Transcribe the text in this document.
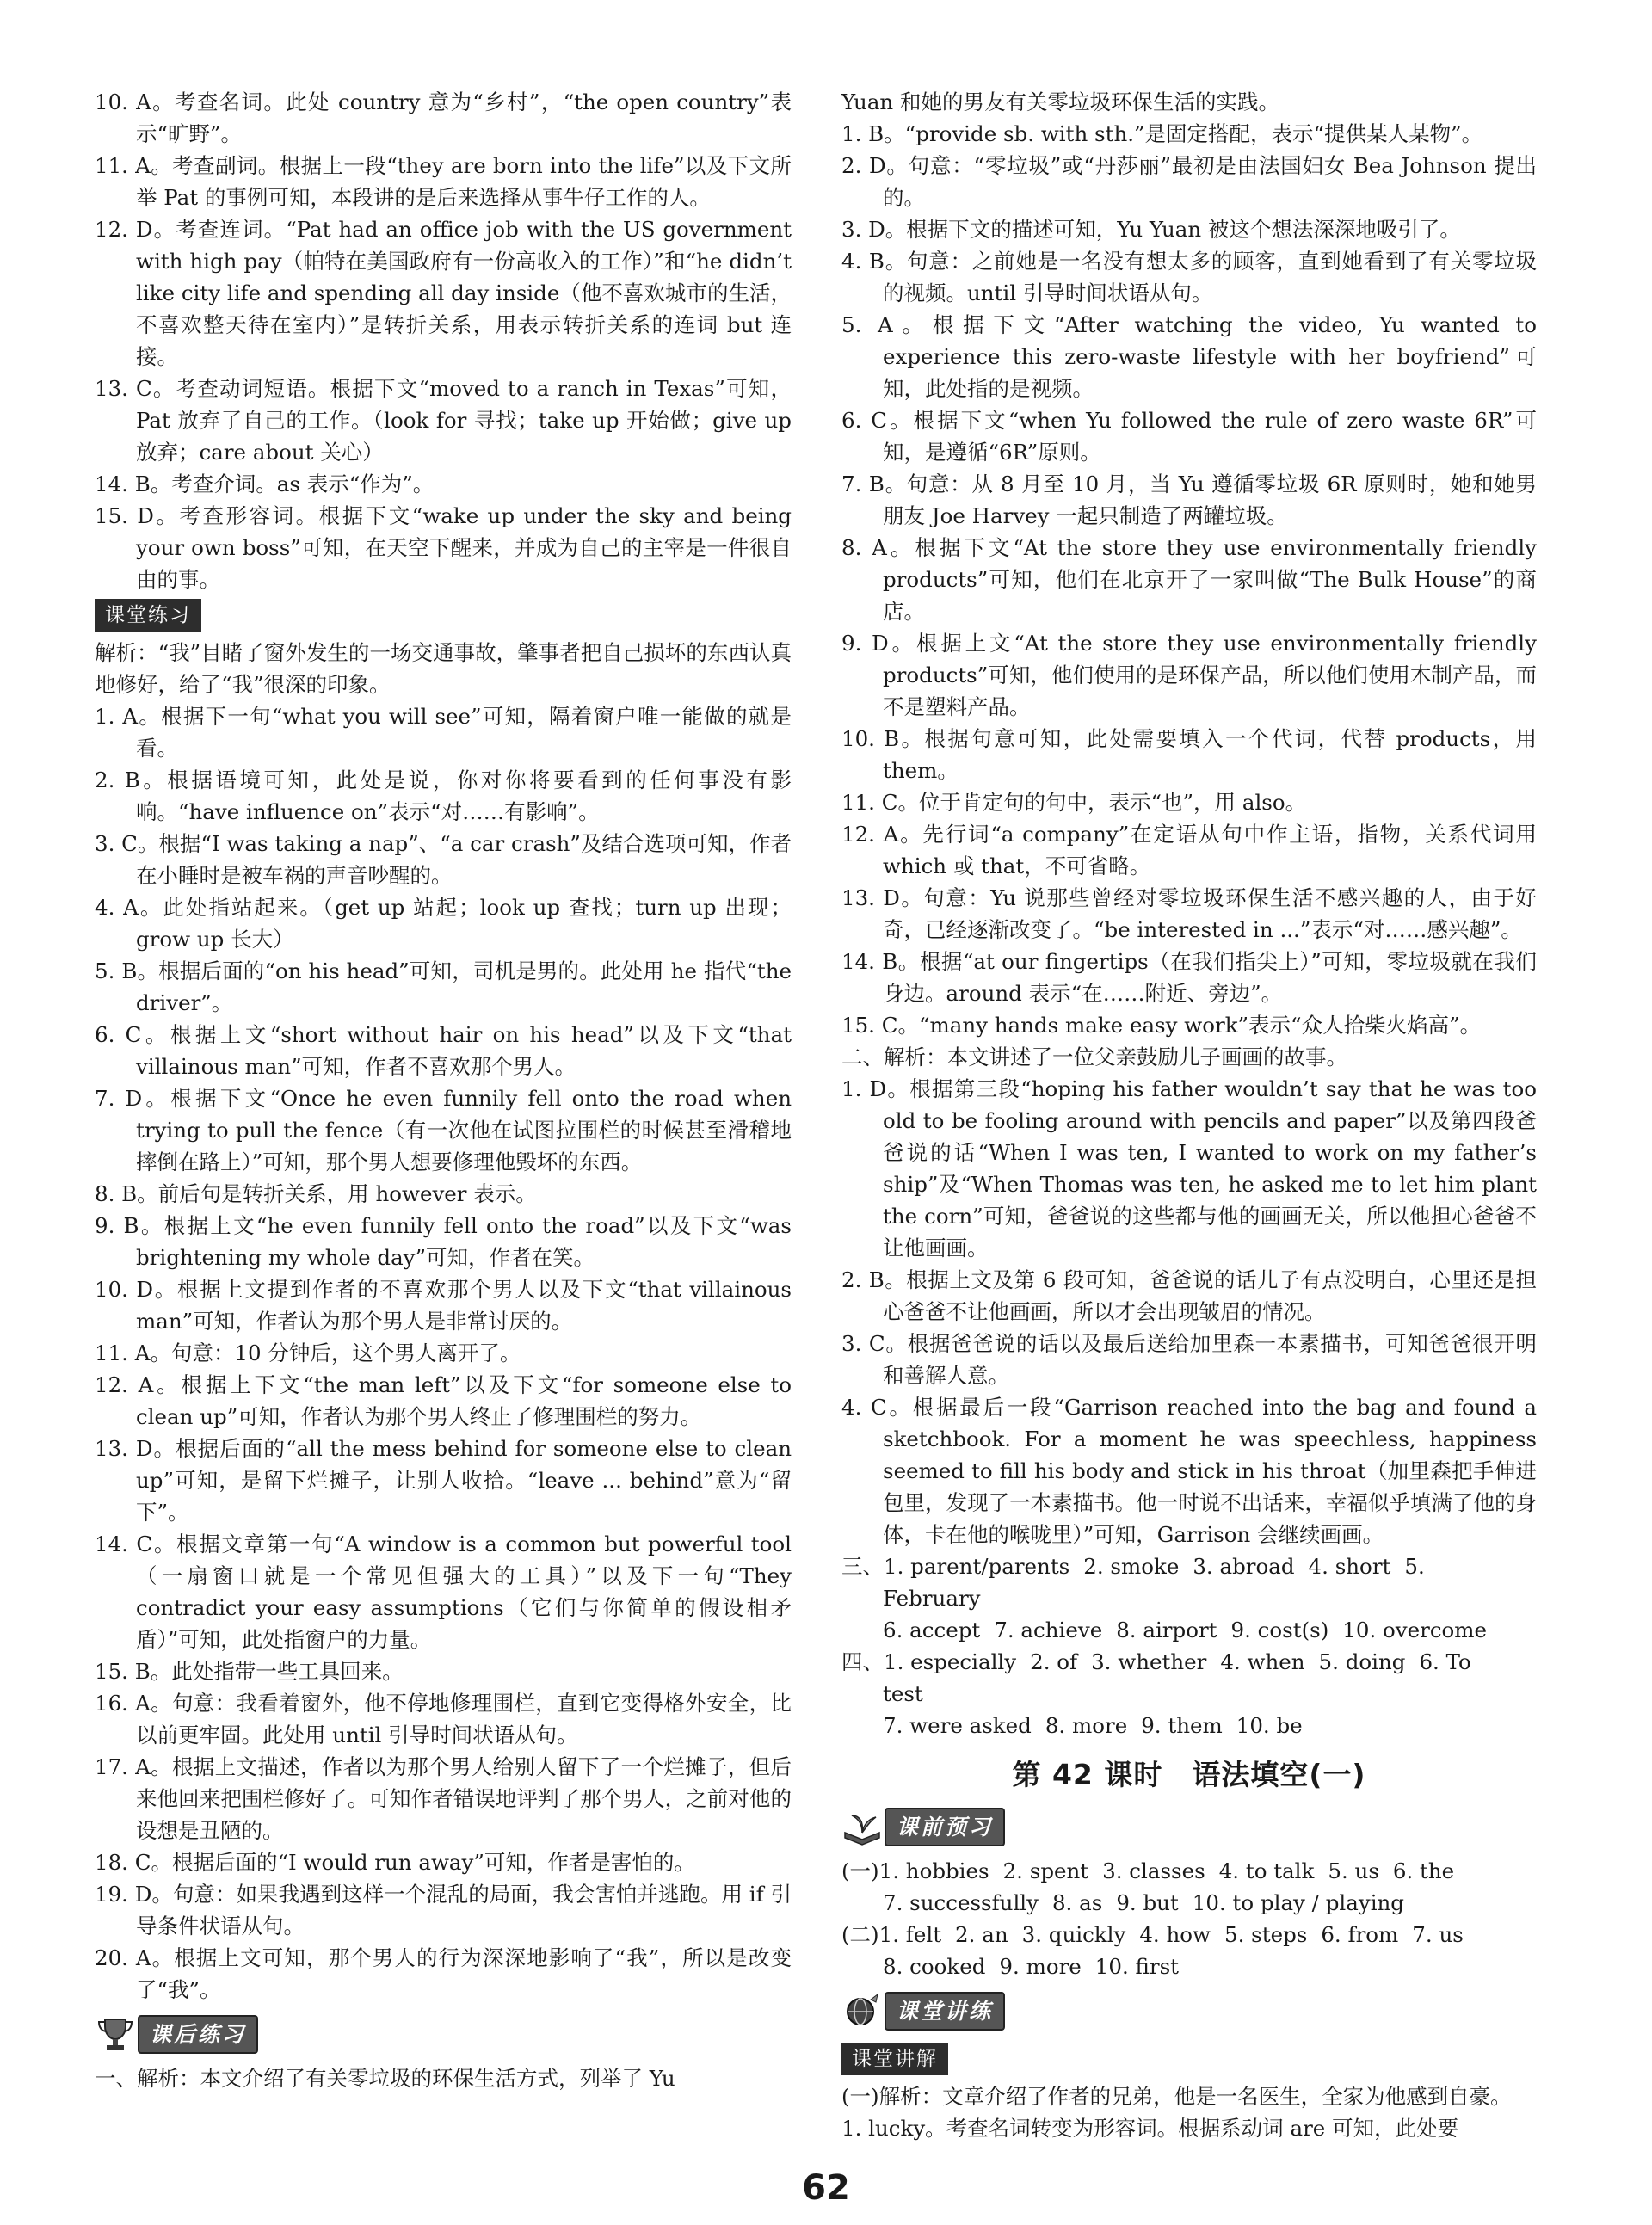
10. A。考查名词。此处 country 意为“乡村”，“the open country”表示“旷野”。
11. A。考查副词。根据上一段“they are born into the life”以及下文所举 Pat 的事例可知，本段讲的是后来选择从事牛仔工作的人。
12. D。考查连词。“Pat had an office job with the US government with high pay（帕特在美国政府有一份高收入的工作）”和“he didn’t like city life and spending all day inside（他不喜欢城市的生活，不喜欢整天待在室内）”是转折关系，用表示转折关系的连词 but 连接。
13. C。考查动词短语。根据下文“moved to a ranch in Texas”可知，Pat 放弃了自己的工作。（look for 寻找；take up 开始做；give up 放弃；care about 关心）
14. B。考查介词。as 表示“作为”。
15. D。考查形容词。根据下文“wake up under the sky and being your own boss”可知，在天空下醒来，并成为自己的主宰是一件很自由的事。
课堂练习
解析：“我”目睹了窗外发生的一场交通事故，肇事者把自己损坏的东西认真地修好，给了“我”很深的印象。
1. A。根据下一句“what you will see”可知，隔着窗户唯一能做的就是看。
2. B。根据语境可知，此处是说，你对你将要看到的任何事没有影响。“have influence on”表示“对……有影响”。
3. C。根据“I was taking a nap”、“a car crash”及结合选项可知，作者在小睡时是被车祸的声音吵醒的。
4. A。此处指站起来。（get up 站起；look up 查找；turn up 出现；grow up 长大）
5. B。根据后面的“on his head”可知，司机是男的。此处用 he 指代“the driver”。
6. C。根据上文“short without hair on his head”以及下文“that villainous man”可知，作者不喜欢那个男人。
7. D。根据下文“Once he even funnily fell onto the road when trying to pull the fence（有一次他在试图拉围栏的时候甚至滑稽地摔倒在路上）”可知，那个男人想要修理他毁坏的东西。
8. B。前后句是转折关系，用 however 表示。
9. B。根据上文“he even funnily fell onto the road”以及下文“was brightening my whole day”可知，作者在笑。
10. D。根据上文提到作者的不喜欢那个男人以及下文“that villainous man”可知，作者认为那个男人是非常讨厌的。
11. A。句意：10 分钟后，这个男人离开了。
12. A。根据上下文“the man left”以及下文“for someone else to clean up”可知，作者认为那个男人终止了修理围栏的努力。
13. D。根据后面的“all the mess behind for someone else to clean up”可知，是留下烂摊子，让别人收拾。“leave ... behind”意为“留下”。
14. C。根据文章第一句“A window is a common but powerful tool（一扇窗口就是一个常见但强大的工具）”以及下一句“They contradict your easy assumptions（它们与你简单的假设相矛盾）”可知，此处指窗户的力量。
15. B。此处指带一些工具回来。
16. A。句意：我看着窗外，他不停地修理围栏，直到它变得格外安全，比以前更牢固。此处用 until 引导时间状语从句。
17. A。根据上文描述，作者以为那个男人给别人留下了一个烂摊子，但后来他回来把围栏修好了。可知作者错误地评判了那个男人，之前对他的设想是丑陋的。
18. C。根据后面的“I would run away”可知，作者是害怕的。
19. D。句意：如果我遇到这样一个混乱的局面，我会害怕并逃跑。用 if 引导条件状语从句。
20. A。根据上文可知，那个男人的行为深深地影响了“我”，所以是改变了“我”。
课后练习
一、解析：本文介绍了有关零垃圾的环保生活方式，列举了 Yu
Yuan 和她的男友有关零垃圾环保生活的实践。
1. B。“provide sb. with sth.”是固定搭配，表示“提供某人某物”。
2. D。句意：“零垃圾”或“丹莎丽”最初是由法国妇女 Bea Johnson 提出的。
3. D。根据下文的描述可知，Yu Yuan 被这个想法深深地吸引了。
4. B。句意：之前她是一名没有想太多的顾客，直到她看到了有关零垃圾的视频。until 引导时间状语从句。
5. A。根据下文“After watching the video, Yu wanted to experience this zero-waste lifestyle with her boyfriend”可知，此处指的是视频。
6. C。根据下文“when Yu followed the rule of zero waste 6R”可知，是遵循“6R”原则。
7. B。句意：从 8 月至 10 月，当 Yu 遵循零垃圾 6R 原则时，她和她男朋友 Joe Harvey 一起只制造了两罐垃圾。
8. A。根据下文“At the store they use environmentally friendly products”可知，他们在北京开了一家叫做“The Bulk House”的商店。
9. D。根据上文“At the store they use environmentally friendly products”可知，他们使用的是环保产品，所以他们使用木制产品，而不是塑料产品。
10. B。根据句意可知，此处需要填入一个代词，代替 products，用 them。
11. C。位于肯定句的句中，表示“也”，用 also。
12. A。先行词“a company”在定语从句中作主语，指物，关系代词用 which 或 that，不可省略。
13. D。句意：Yu 说那些曾经对零垃圾环保生活不感兴趣的人，由于好奇，已经逐渐改变了。“be interested in ...”表示“对……感兴趣”。
14. B。根据“at our fingertips（在我们指尖上）”可知，零垃圾就在我们身边。around 表示“在……附近、旁边”。
15. C。“many hands make easy work”表示“众人拾柴火焰高”。
二、解析：本文讲述了一位父亲鼓励儿子画画的故事。
1. D。根据第三段“hoping his father wouldn’t say that he was too old to be fooling around with pencils and paper”以及第四段爸爸说的话“When I was ten, I wanted to work on my father’s ship”及“When Thomas was ten, he asked me to let him plant the corn”可知，爸爸说的这些都与他的画画无关，所以他担心爸爸不让他画画。
2. B。根据上文及第 6 段可知，爸爸说的话儿子有点没明白，心里还是担心爸爸不让他画画，所以才会出现皱眉的情况。
3. C。根据爸爸说的话以及最后送给加里森一本素描书，可知爸爸很开明和善解人意。
4. C。根据最后一段“Garrison reached into the bag and found a sketchbook. For a moment he was speechless, happiness seemed to fill his body and stick in his throat（加里森把手伸进包里，发现了一本素描书。他一时说不出话来，幸福似乎填满了他的身体，卡在他的喉咙里）”可知，Garrison 会继续画画。
三、1. parent/parents 2. smoke 3. abroad 4. short 5. February
6. accept 7. achieve 8. airport 9. cost(s) 10. overcome
四、1. especially 2. of 3. whether 4. when 5. doing 6. To test
7. were asked 8. more 9. them 10. be
第 42 课时　语法填空(一)
课前预习
(一)1. hobbies 2. spent 3. classes 4. to talk 5. us 6. the
7. successfully 8. as 9. but 10. to play / playing
(二)1. felt 2. an 3. quickly 4. how 5. steps 6. from 7. us
8. cooked 9. more 10. first
课堂讲练
课堂讲解
(一)解析：文章介绍了作者的兄弟，他是一名医生，全家为他感到自豪。
1. lucky。考查名词转变为形容词。根据系动词 are 可知，此处要
62
